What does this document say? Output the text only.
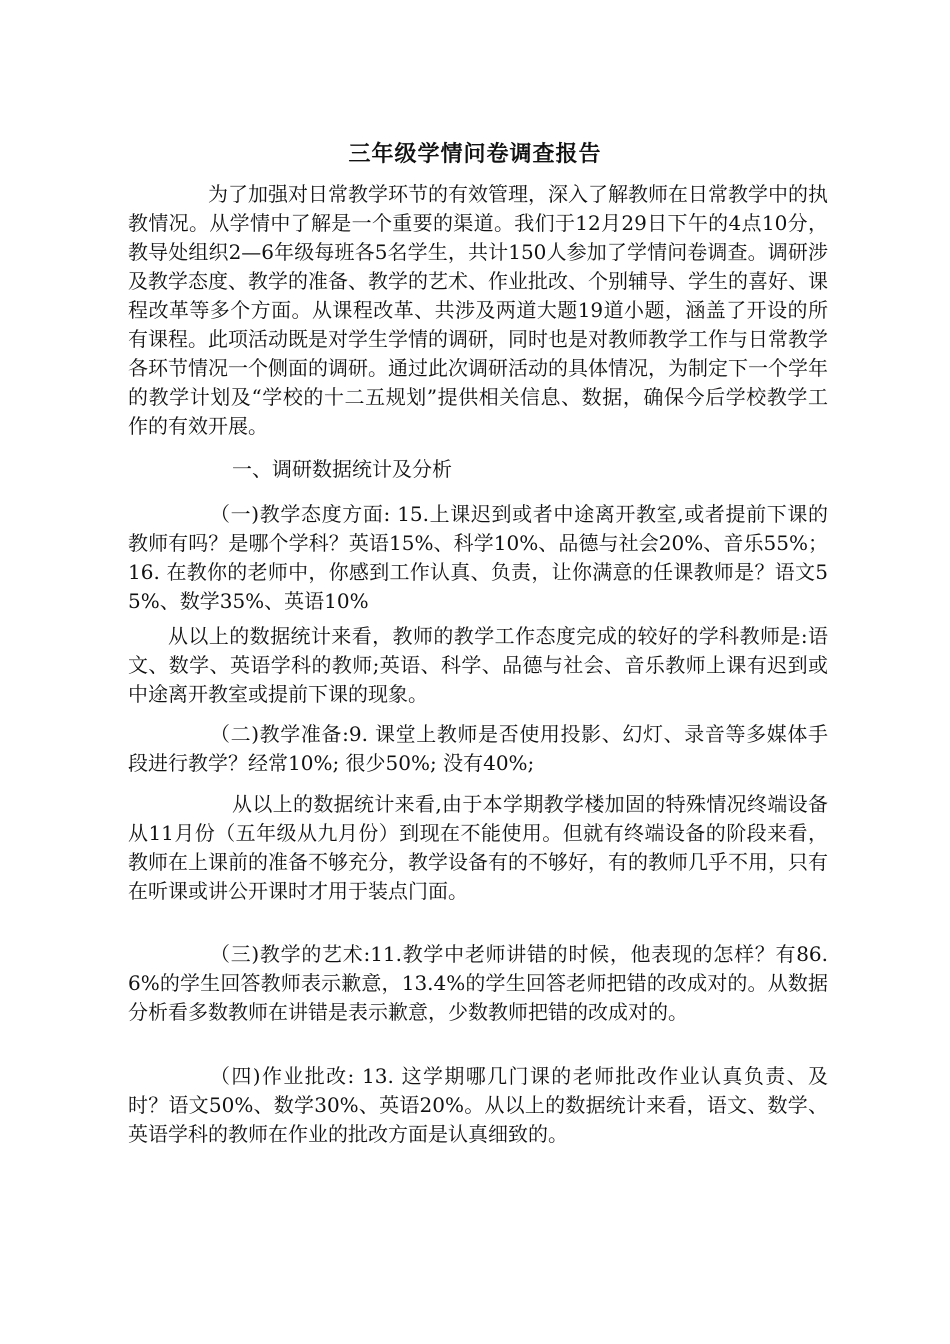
三年级学情问卷调查报告
为了加强对日常教学环节的有效管理，深入了解教师在日常教学中的执教情况。从学情中了解是一个重要的渠道。我们于12月29日下午的4点10分，教导处组织2—6年级每班各5名学生，共计150人参加了学情问卷调查。调研涉及教学态度、教学的准备、教学的艺术、作业批改、个别辅导、学生的喜好、课程改革等多个方面。从课程改革、共涉及两道大题19道小题，涵盖了开设的所有课程。此项活动既是对学生学情的调研，同时也是对教师教学工作与日常教学各环节情况一个侧面的调研。通过此次调研活动的具体情况，为制定下一个学年的教学计划及“学校的十二五规划”提供相关信息、数据，确保今后学校教学工作的有效开展。
一、调研数据统计及分析
（一)教学态度方面: 15.上课迟到或者中途离开教室,或者提前下课的教师有吗？是哪个学科？英语15%、科学10%、品德与社会20%、音乐55%；16. 在教你的老师中，你感到工作认真、负责，让你满意的任课教师是？语文55%、数学35%、英语10%
从以上的数据统计来看，教师的教学工作态度完成的较好的学科教师是:语文、数学、英语学科的教师;英语、科学、品德与社会、音乐教师上课有迟到或中途离开教室或提前下课的现象。
（二)教学准备:9. 课堂上教师是否使用投影、幻灯、录音等多媒体手段进行教学？经常10%; 很少50%; 没有40%;
从以上的数据统计来看,由于本学期教学楼加固的特殊情况终端设备从11月份（五年级从九月份）到现在不能使用。但就有终端设备的阶段来看，教师在上课前的准备不够充分，教学设备有的不够好，有的教师几乎不用，只有在听课或讲公开课时才用于装点门面。
（三)教学的艺术:11.教学中老师讲错的时候，他表现的怎样？有86.6%的学生回答教师表示歉意，13.4%的学生回答老师把错的改成对的。从数据分析看多数教师在讲错是表示歉意，少数教师把错的改成对的。
（四)作业批改: 13. 这学期哪几门课的老师批改作业认真负责、及时？语文50%、数学30%、英语20%。从以上的数据统计来看，语文、数学、英语学科的教师在作业的批改方面是认真细致的。
